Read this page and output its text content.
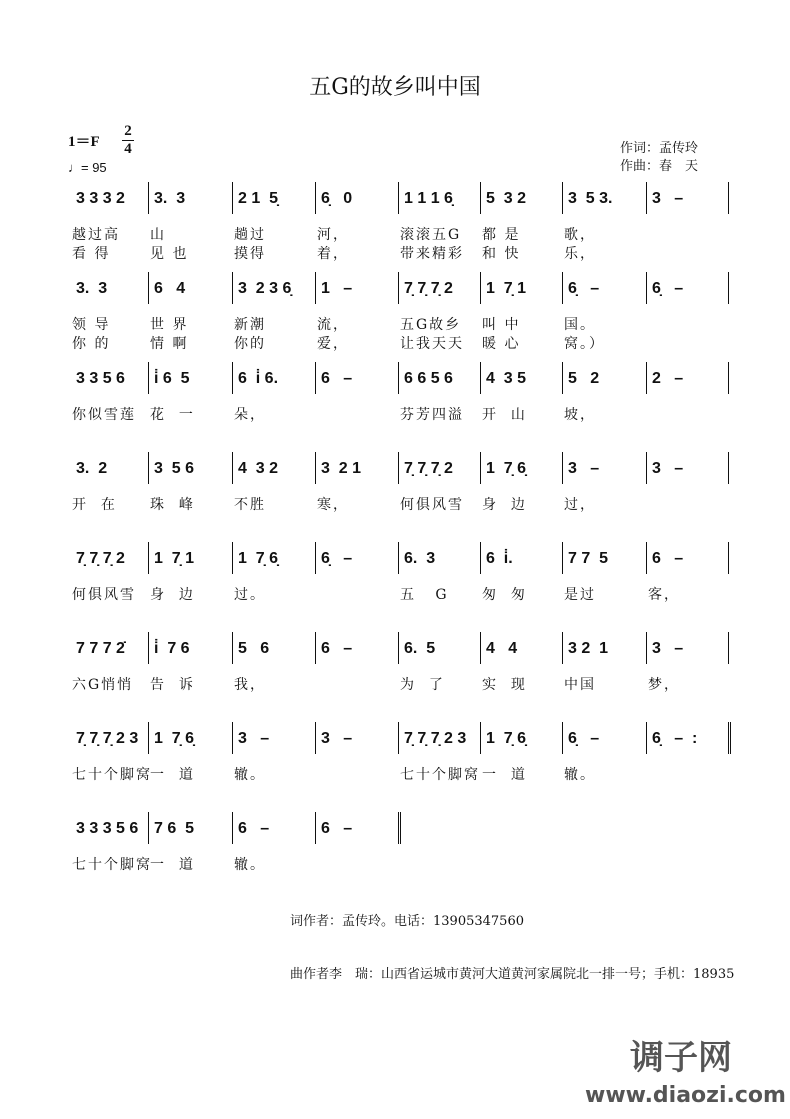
五G的故乡叫中国
1＝F
2
4
♩= 95
作词：孟传玲
作曲：春　天
3 3 3 2	3.  3	2 1  5̣	6̣   0	1 1 1 6̣	5  3 2	3  5 3.	3   –
越过高 山	趟过	河，	滚滚五G 都 是	歌，
看 得	见 也	摸得	着，	带来精彩 和 快	乐，
3.  3	6   4	3  2 3 6̣	1   –	7̣ 7̣ 7̣ 2	1  7̣ 1	6̣   –	6̣   –
领 导	世 界	新潮	流，	五G故乡 叫 中	国。
你 的	情 啊	你的	爱，	让我天天 暖 心	窝。）
3 3 5 6	i̇ 6  5	6  i̇ 6.	6   –	6 6 5 6	4  3 5	5   2	2   –
你似雪莲 花  一	朵，	芬芳四溢 开  山	坡，
3.  2	3  5 6	4  3 2	3  2 1	7̣ 7̣ 7̣ 2	1  7̣ 6̣	3   –	3   –
开  在 珠  峰	不胜	寒，	何俱风雪 身  边	过，
7̣ 7̣ 7̣ 2	1  7̣ 1	1  7̣ 6̣	6̣   –	6.  3	6  i̇.	7 7  5	6   –
何俱风雪 身  边	过。	五   G 匆  匆	是过	客，
7 7 7 2̇	i̇  7 6	5   6	6   –	6.  5	4   4	3 2  1	3   –
六G悄悄 告  诉	我，	为  了	实  现	中国	梦，
7̣ 7̣ 7̣ 2 3 1  7̣ 6̣	3   –	3   –	7̣ 7̣ 7̣ 2 3	1  7̣ 6̣	6̣   –	6̣   –  :
七十个脚窝
一  道	辙。	七十个脚窝 一  道	辙。
3 3 3 5 6 7 6  5	6   –	6   –
七十个脚窝
一  道	辙。
词作者：孟传玲。电话：13905347560
曲作者李　瑞：山西省运城市黄河大道黄河家属院北一排一号；手机：18935
调子网
www.diaozi.com
